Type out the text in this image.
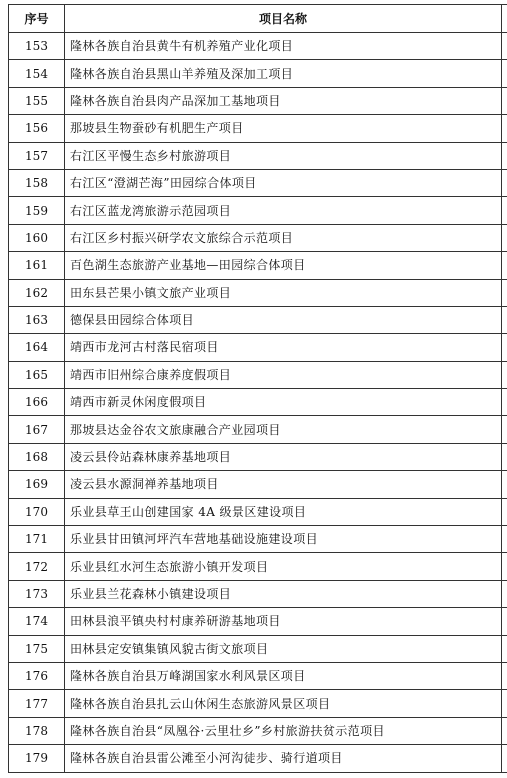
序号	项目名称	
153	隆林各族自治县黄牛有机养殖产业化项目	
154	隆林各族自治县黑山羊养殖及深加工项目	
155	隆林各族自治县肉产品深加工基地项目	
156	那坡县生物蚕砂有机肥生产项目	
157	右江区平慢生态乡村旅游项目	
158	右江区“澄湖芒海”田园综合体项目	
159	右江区蓝龙湾旅游示范园项目	
160	右江区乡村振兴研学农文旅综合示范项目	
161	百色湖生态旅游产业基地—田园综合体项目	
162	田东县芒果小镇文旅产业项目	
163	德保县田园综合体项目	
164	靖西市龙河古村落民宿项目	
165	靖西市旧州综合康养度假项目	
166	靖西市新灵休闲度假项目	
167	那坡县达金谷农文旅康融合产业园项目	
168	凌云县伶站森林康养基地项目	
169	凌云县水源洞禅养基地项目	
170	乐业县草王山创建国家 4A 级景区建设项目	
171	乐业县甘田镇河坪汽车营地基础设施建设项目	
172	乐业县红水河生态旅游小镇开发项目	
173	乐业县兰花森林小镇建设项目	
174	田林县浪平镇央村村康养研游基地项目	
175	田林县定安镇集镇风貌古街文旅项目	
176	隆林各族自治县万峰湖国家水利风景区项目	
177	隆林各族自治县扎云山休闲生态旅游风景区项目	
178	隆林各族自治县“凤凰谷·云里壮乡”乡村旅游扶贫示范项目	
179	隆林各族自治县雷公滩至小河沟徒步、骑行道项目	
